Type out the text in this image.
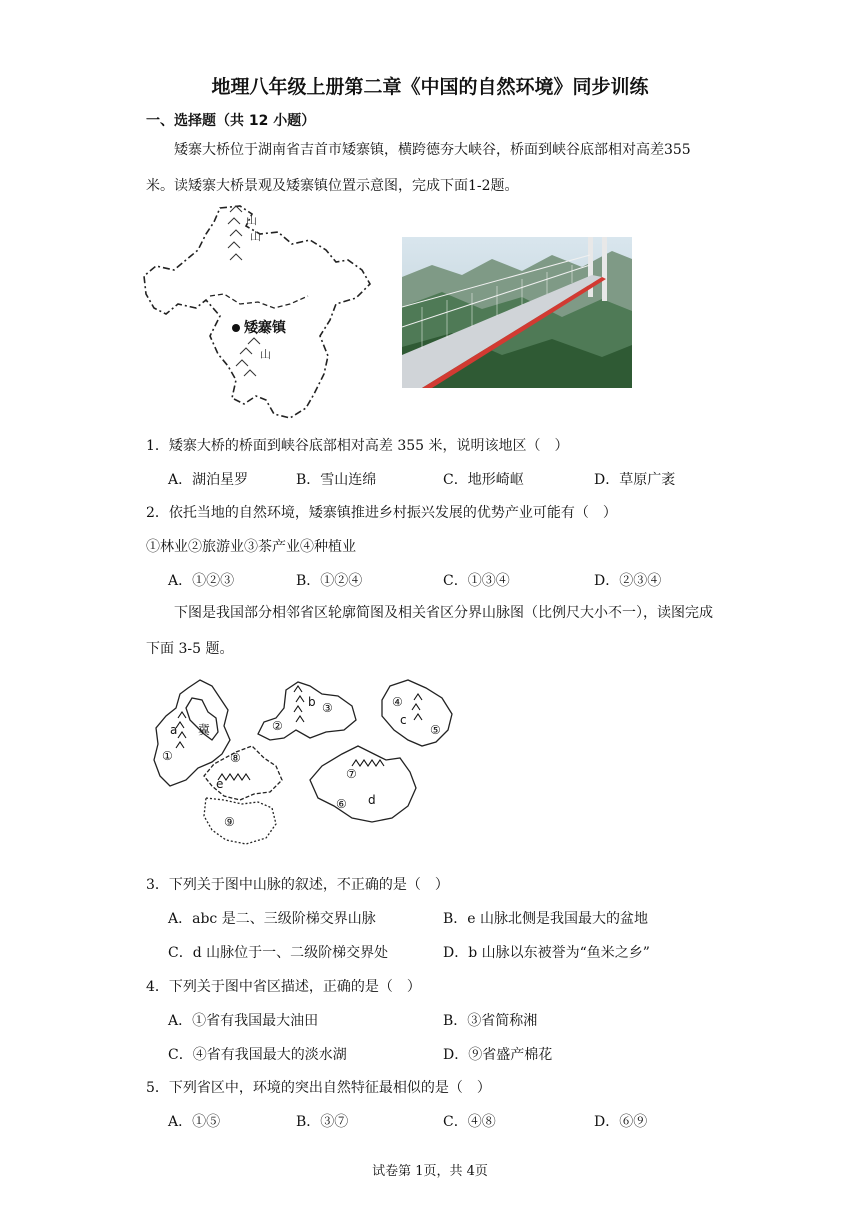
地理八年级上册第二章《中国的自然环境》同步训练
一、选择题（共 12 小题）
矮寨大桥位于湖南省吉首市矮寨镇，横跨德夯大峡谷，桥面到峡谷底部相对高差355米。读矮寨大桥景观及矮寨镇位置示意图，完成下面1-2题。
山
山
山
矮寨镇
1．矮寨大桥的桥面到峡谷底部相对高差 355 米，说明该地区（　）
A．湖泊星罗	B．雪山连绵	C．地形崎岖	D．草原广袤
2．依托当地的自然环境，矮寨镇推进乡村振兴发展的优势产业可能有（　）
①林业②旅游业③茶产业④种植业
A．①②③	B．①②④	C．①③④	D．②③④
下图是我国部分相邻省区轮廓简图及相关省区分界山脉图（比例尺大小不一），读图完成下面 3-5 题。
a 冀
①
②
b ③	④
c
⑤
⑧
e
⑨
⑦
⑥ d
3．下列关于图中山脉的叙述，不正确的是（　）
A．abc 是二、三级阶梯交界山脉	B．e 山脉北侧是我国最大的盆地
C．d 山脉位于一、二级阶梯交界处	D．b 山脉以东被誉为“鱼米之乡”
4．下列关于图中省区描述，正确的是（　）
A．①省有我国最大油田	B．③省简称湘
C．④省有我国最大的淡水湖	D．⑨省盛产棉花
5．下列省区中，环境的突出自然特征最相似的是（　）
A．①⑤	B．③⑦	C．④⑧	D．⑥⑨
试卷第 1页，共 4页
